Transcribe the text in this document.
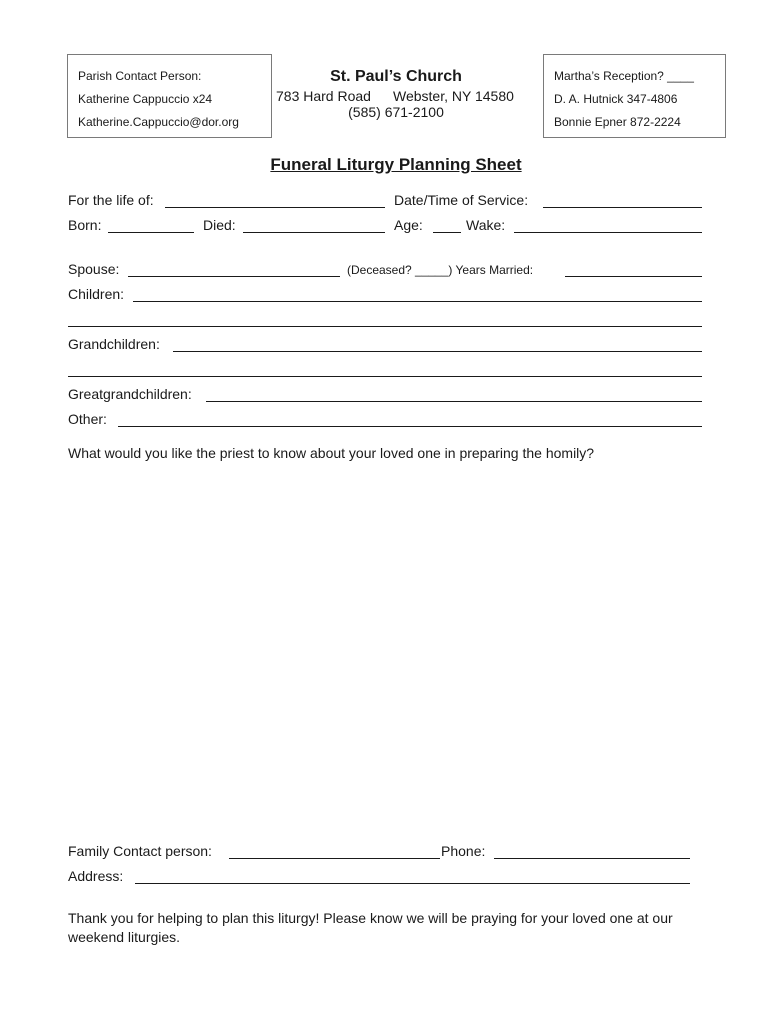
Parish Contact Person:
Katherine Cappuccio x24
Katherine.Cappuccio@dor.org
St. Paul’s Church
783 Hard Road Webster, NY 14580
(585) 671-2100
Martha’s Reception? ____
D. A. Hutnick 347-4806
Bonnie Epner 872-2224
Funeral Liturgy Planning Sheet
For the life of:	Date/Time of Service:
Born:	Died:	Age:	Wake:
Spouse:	(Deceased? _____) Years Married:
Children:
Grandchildren:
Greatgrandchildren:
Other:
What would you like the priest to know about your loved one in preparing the homily?
Family Contact person:	Phone:
Address:
Thank you for helping to plan this liturgy! Please know we will be praying for your loved one at our
weekend liturgies.
